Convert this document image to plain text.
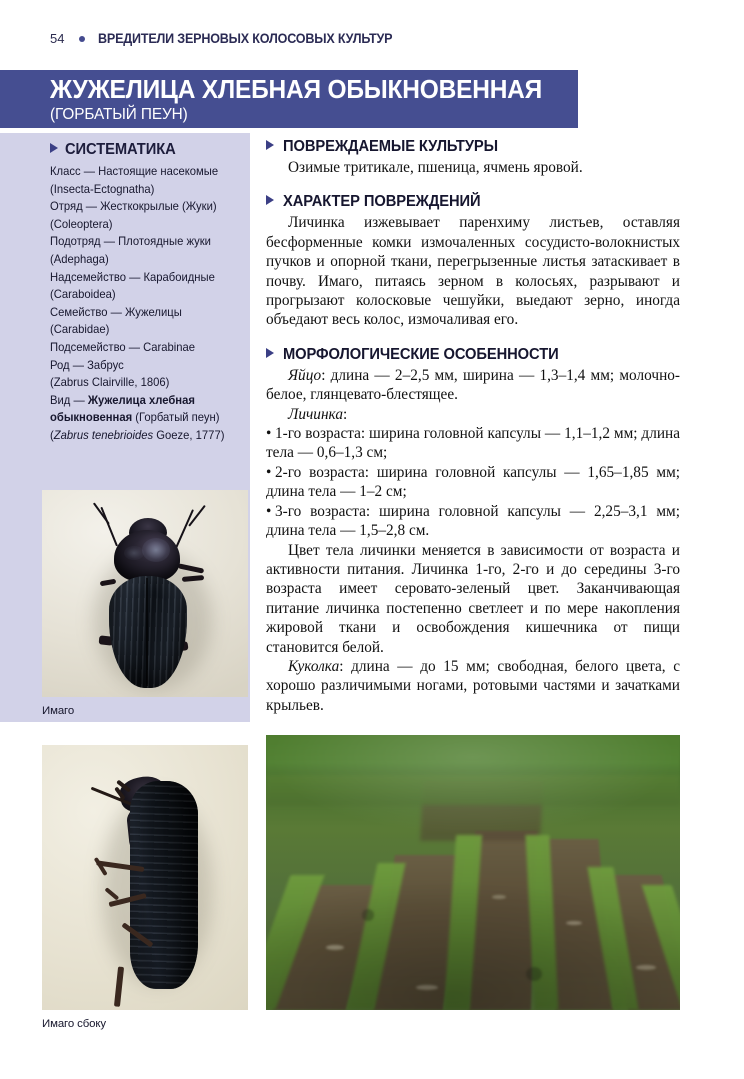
54	ВРЕДИТЕЛИ ЗЕРНОВЫХ КОЛОСОВЫХ КУЛЬТУР
ЖУЖЕЛИЦА ХЛЕБНАЯ ОБЫКНОВЕННАЯ
(ГОРБАТЫЙ ПЕУН)
СИСТЕМАТИКА
Класс — Настоящие насекомые
(Insecta-Ectognatha)
Отряд — Жесткокрылые (Жуки)
(Coleoptera)
Подотряд — Плотоядные жуки
(Adephaga)
Надсемейство — Карабоидные
(Caraboidea)
Семейство — Жужелицы
(Carabidae)
Подсемейство — Carabinae
Род — Забрус
(Zabrus Clairville, 1806)
Вид — Жужелица хлебная обыкновенная (Горбатый пеун)
(Zabrus tenebrioides Goeze, 1777)
Имаго
Имаго сбоку
ПОВРЕЖДАЕМЫЕ КУЛЬТУРЫ

Озимые тритикале, пшеница, ячмень яровой.

ХАРАКТЕР ПОВРЕЖДЕНИЙ

Личинка изжевывает паренхиму листьев, оставляя бесформенные комки измочаленных сосудисто-волокнистых пучков и опорной ткани, перегрызенные листья затаскивает в почву. Имаго, питаясь зерном в колосьях, разрывают и прогрызают колосковые чешуйки, выедают зерно, иногда объедают весь колос, измочаливая его.

МОРФОЛОГИЧЕСКИЕ ОСОБЕННОСТИ

Яйцо: длина — 2–2,5 мм, ширина — 1,3–1,4 мм; молочно-белое, глянцевато-блестящее.

Личинка:

• 1-го возраста: ширина головной капсулы — 1,1–1,2 мм; длина тела — 0,6–1,3 см;

• 2-го возраста: ширина головной капсулы — 1,65–1,85 мм; длина тела — 1–2 см;

• 3-го возраста: ширина головной капсулы — 2,25–3,1 мм; длина тела — 1,5–2,8 см.

Цвет тела личинки меняется в зависимости от возраста и активности питания. Личинка 1-го, 2-го и до середины 3-го возраста имеет серовато-зеленый цвет. Заканчивающая питание личинка постепенно светлеет и по мере накопления жировой ткани и освобождения кишечника от пищи становится белой.

Куколка: длина — до 15 мм; свободная, белого цвета, с хорошо различимыми ногами, ротовыми частями и зачатками крыльев.
